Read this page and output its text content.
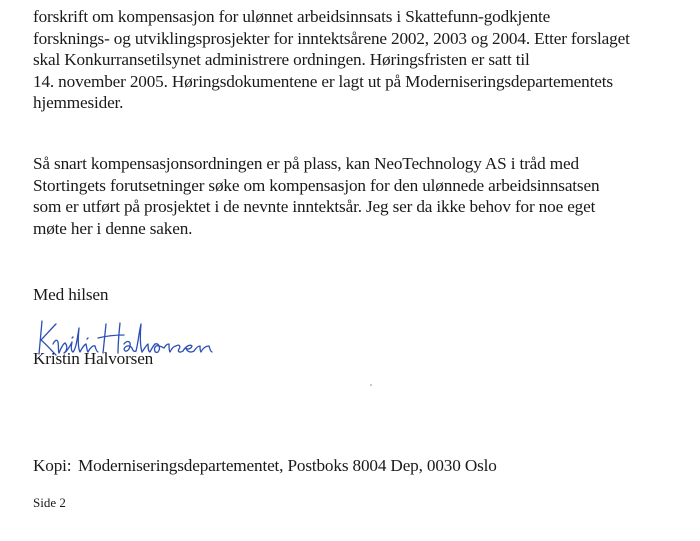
forskrift om kompensasjon for ulønnet arbeidsinnsats i Skattefunn-godkjente
forsknings- og utviklingsprosjekter for inntektsårene 2002, 2003 og 2004. Etter forslaget
skal Konkurransetilsynet administrere ordningen. Høringsfristen er satt til
14. november 2005. Høringsdokumentene er lagt ut på Moderniseringsdepartementets
hjemmesider.

Så snart kompensasjonsordningen er på plass, kan NeoTechnology AS i tråd med
Stortingets forutsetninger søke om kompensasjon for den ulønnede arbeidsinnsatsen
som er utført på prosjektet i de nevnte inntektsår. Jeg ser da ikke behov for noe eget
møte her i denne saken.

Med hilsen

Kristin Halvorsen

Kopi: Moderniseringsdepartementet, Postboks 8004 Dep, 0030 Oslo

Side 2
